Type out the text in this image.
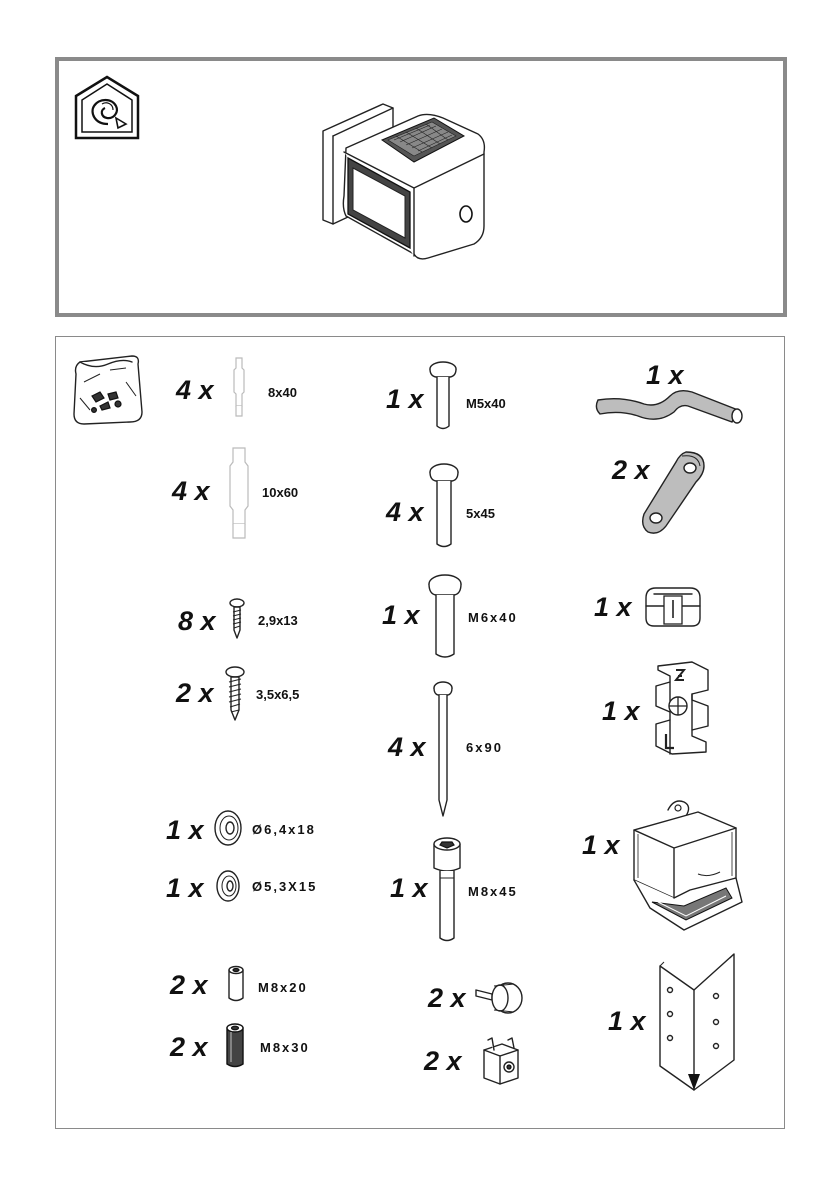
4 x	8x40
4 x	10x60
8 x	2,9x13
2 x	3,5x6,5
1 x	Ø6,4x18
1 x	Ø5,3X15
2 x	M8x20
2 x	M8x30
1 x	M5x40
4 x	5x45
1 x	M6x40
4 x	6x90
1 x	M8x45
2 x
2 x
1 x
2 x
1 x
1 x
1 x
1 x
